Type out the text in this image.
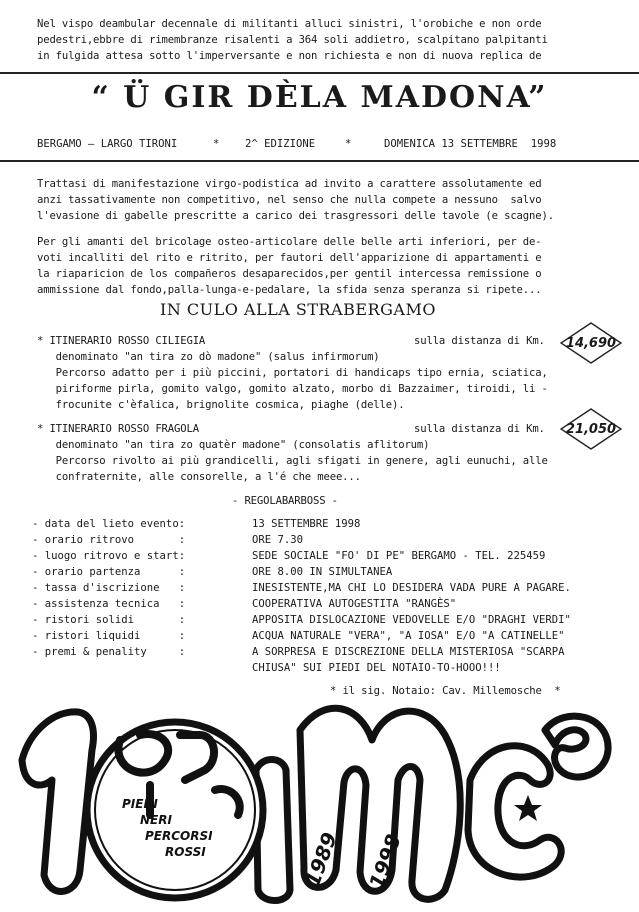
Nel vispo deambular decennale di militanti alluci sinistri, l'orobiche e non orde
pedestri,ebbre di rimembranze risalenti a 364 soli addietro, scalpitano palpitanti
in fulgida attesa sotto l'imperversante e non richiesta e non di nuova replica de
“ Ü GIR DÈLA MADONA”
BERGAMO – LARGO TIRONI	* 2^ EDIZIONE	*	DOMENICA 13 SETTEMBRE  1998
Trattasi di manifestazione virgo-podistica ad invito a carattere assolutamente ed
anzi tassativamente non competitivo, nel senso che nulla compete a nessuno  salvo
l'evasione di gabelle prescritte a carico dei trasgressori delle tavole (e scagne).
Per gli amanti del bricolage osteo-articolare delle belle arti inferiori, per de-
voti incalliti del rito e ritrito, per fautori dell'apparizione di appartamenti e
la riaparicion de los compañeros desaparecidos,per gentil intercessa remissione o
ammissione dal fondo,palla-lunga-e-pedalare, la sfida senza speranza si ripete...
IN CULO ALLA STRABERGAMO
* ITINERARIO ROSSO CILIEGIA
denominato "an tira zo dò madone" (salus infirmorum)
Percorso adatto per i più piccini, portatori di handicaps tipo ernia, sciatica,
piriforme pirla, gomito valgo, gomito alzato, morbo di Bazzaimer, tiroidi, li -
frocunite c'èfalica, brignolite cosmica, piaghe (delle).
sulla distanza di Km. 14,690
* ITINERARIO ROSSO FRAGOLA
denominato "an tira zo quatèr madone" (consolatis aflitorum)
Percorso rivolto ai più grandicelli, agli sfigati in genere, agli eunuchi, alle
confraternite, alle consorelle, a l'é che meee...
sulla distanza di Km. 21,050
- REGOLABARBOSS -
- data del lieto evento:	13 SETTEMBRE 1998
- orario ritrovo       :	ORE 7.30
- luogo ritrovo e start:	SEDE SOCIALE "FO' DI PE" BERGAMO - TEL. 225459
- orario partenza      :	ORE 8.00 IN SIMULTANEA
- tassa d'iscrizione   :	INESISTENTE,MA CHI LO DESIDERA VADA PURE A PAGARE.
- assistenza tecnica   :	COOPERATIVA AUTOGESTITA "RANGÈS"
- ristori solidi       :	APPOSITA DISLOCAZIONE VEDOVELLE E/O "DRAGHI VERDI"
- ristori liquidi      :	ACQUA NATURALE "VERA", "A IOSA" E/O "A CATINELLE"
- premi & penality     :	A SORPRESA E DISCREZIONE DELLA MISTERIOSA "SCARPA
CHIUSA" SUI PIEDI DEL NOTAIO-TO-HOOO!!!
* il sig. Notaio: Cav. Millemosche  *
PIEDI
NERI
PERCORSI
ROSSI	1989 1998
